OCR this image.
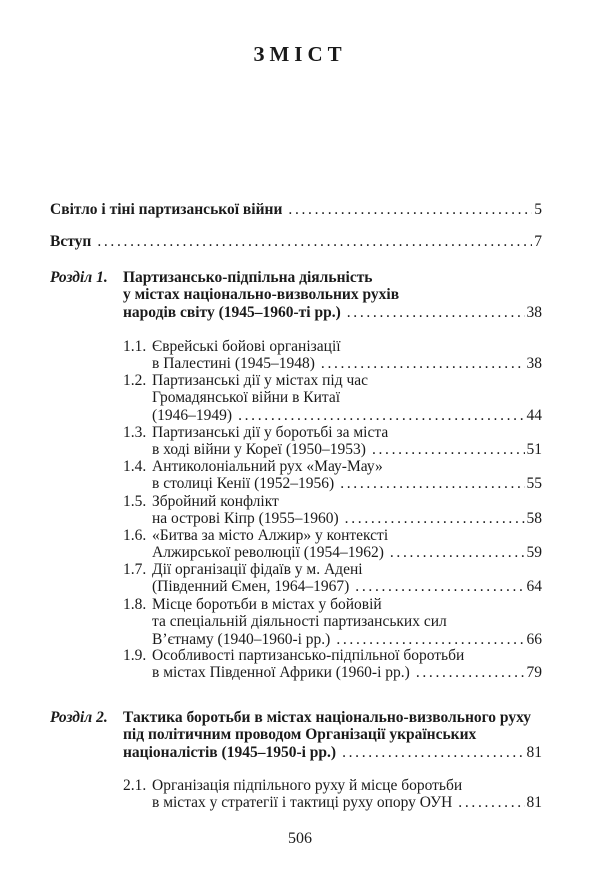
ЗМІСТ
Світло і тіні партизанської війни . . .	5
Вступ . . .	7
Розділ 1. Партизансько-підпільна діяльність
у містах національно-визвольних рухів
народів світу (1945–1960-ті рр.) . . .	38
1.1. Єврейські бойові організації
в Палестині (1945–1948) . . .	38
1.2. Партизанські дії у містах під час
Громадянської війни в Китаї
(1946–1949) . . .	44
1.3. Партизанські дії у боротьбі за міста
в ході війни у Кореї (1950–1953) . . .	51
1.4. Антиколоніальний рух «Мау-Мау»
в столиці Кенії (1952–1956) . . .	55
1.5. Збройний конфлікт
на острові Кіпр (1955–1960) . . .	58
1.6. «Битва за місто Алжир» у контексті
Алжирської революції (1954–1962) . . .	59
1.7. Дії організації фідаїв у м. Адені
(Південний Ємен, 1964–1967) . . .	64
1.8. Місце боротьби в містах у бойовій
та спеціальній діяльності партизанських сил
В’єтнаму (1940–1960-і рр.) . . .	66
1.9. Особливості партизансько-підпільної боротьби
в містах Південної Африки (1960-і рр.) . . .	79
Розділ 2. Тактика боротьби в містах національно-визвольного руху
під політичним проводом Організації українських
націоналістів (1945–1950-і рр.) . . .	81
2.1. Організація підпільного руху й місце боротьби
в містах у стратегії і тактиці руху опору ОУН . . .	81
506
